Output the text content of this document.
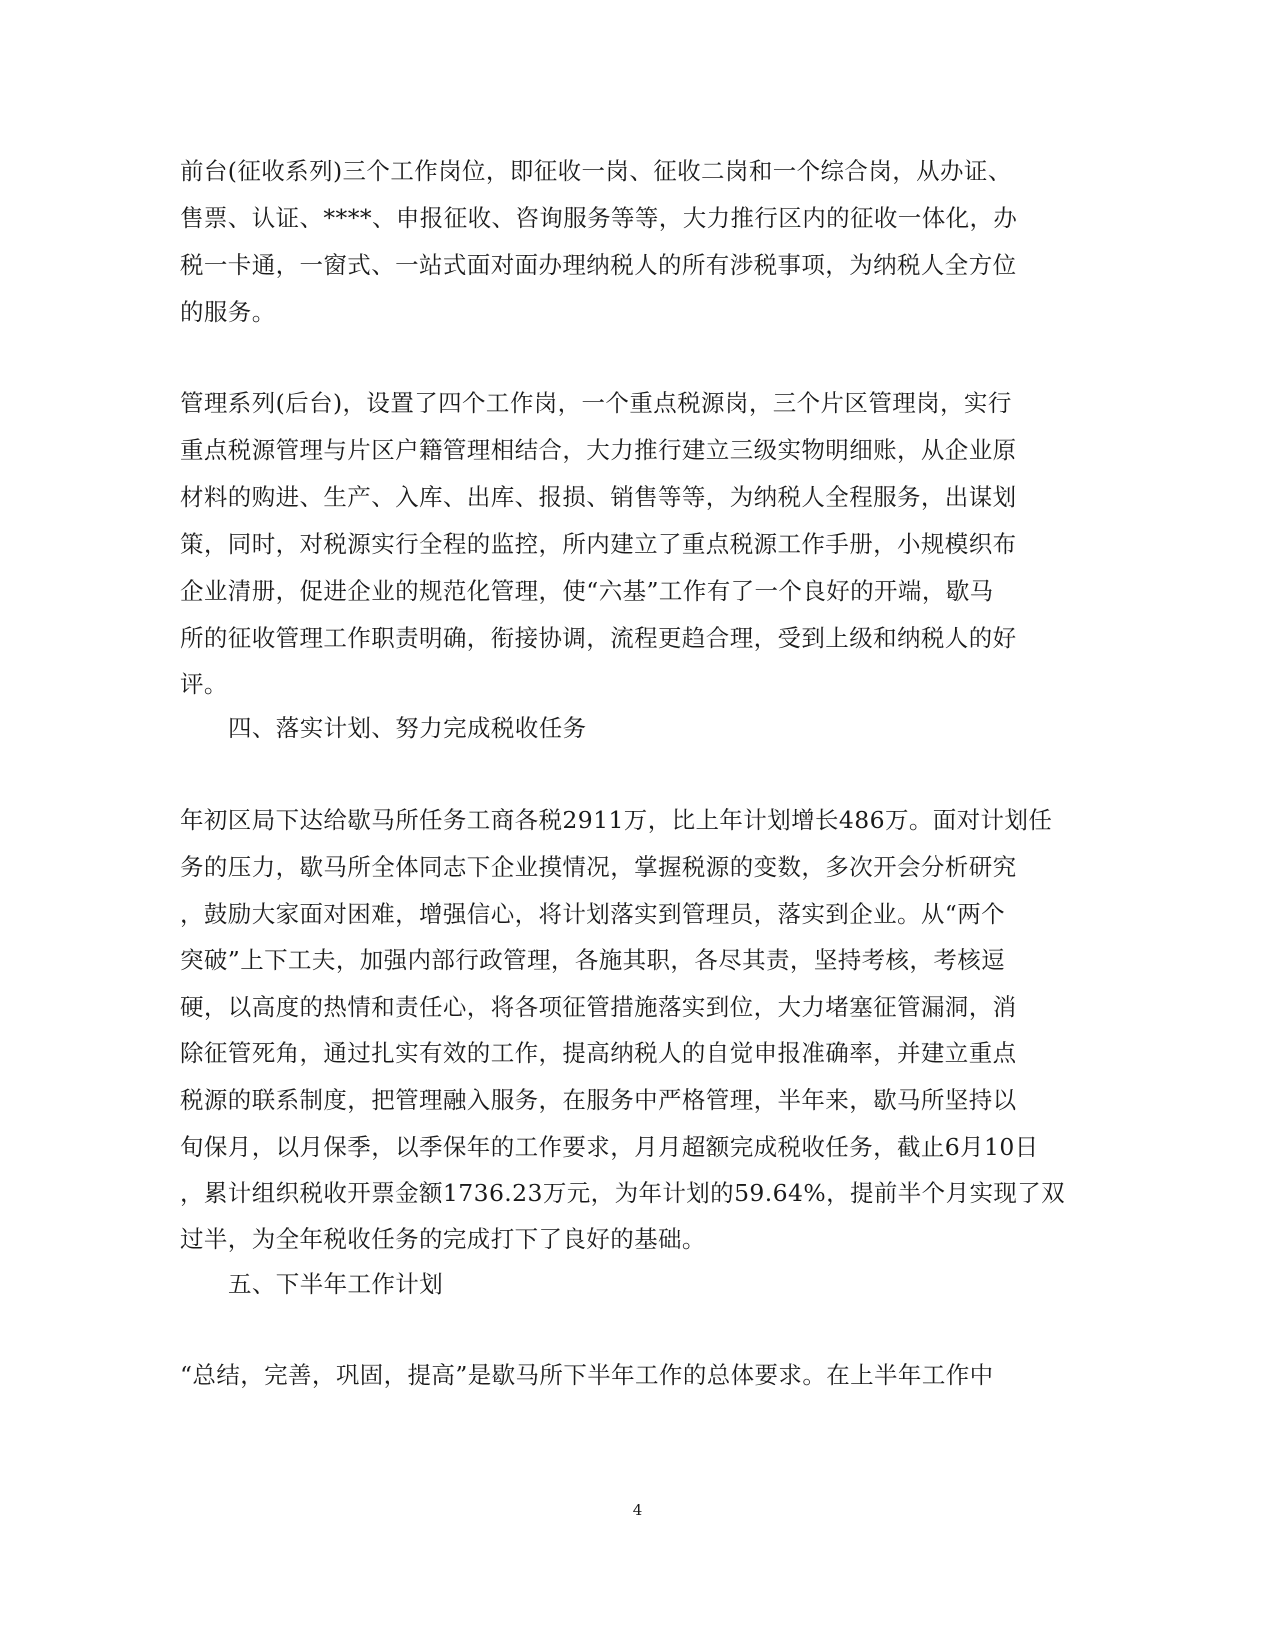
前台(征收系列)三个工作岗位，即征收一岗、征收二岗和一个综合岗，从办证、
售票、认证、****、申报征收、咨询服务等等，大力推行区内的征收一体化，办
税一卡通，一窗式、一站式面对面办理纳税人的所有涉税事项，为纳税人全方位
的服务。
管理系列(后台)，设置了四个工作岗，一个重点税源岗，三个片区管理岗，实行
重点税源管理与片区户籍管理相结合，大力推行建立三级实物明细账，从企业原
材料的购进、生产、入库、出库、报损、销售等等，为纳税人全程服务，出谋划
策，同时，对税源实行全程的监控，所内建立了重点税源工作手册，小规模织布
企业清册，促进企业的规范化管理，使“六基”工作有了一个良好的开端，歇马
所的征收管理工作职责明确，衔接协调，流程更趋合理，受到上级和纳税人的好
评。
四、落实计划、努力完成税收任务
年初区局下达给歇马所任务工商各税2911万，比上年计划增长486万。面对计划任
务的压力，歇马所全体同志下企业摸情况，掌握税源的变数，多次开会分析研究
，鼓励大家面对困难，增强信心，将计划落实到管理员，落实到企业。从“两个
突破”上下工夫，加强内部行政管理，各施其职，各尽其责，坚持考核，考核逗
硬，以高度的热情和责任心，将各项征管措施落实到位，大力堵塞征管漏洞，消
除征管死角，通过扎实有效的工作，提高纳税人的自觉申报准确率，并建立重点
税源的联系制度，把管理融入服务，在服务中严格管理，半年来，歇马所坚持以
旬保月，以月保季，以季保年的工作要求，月月超额完成税收任务，截止6月10日
，累计组织税收开票金额1736.23万元，为年计划的59.64%，提前半个月实现了双
过半，为全年税收任务的完成打下了良好的基础。
五、下半年工作计划
“总结，完善，巩固，提高”是歇马所下半年工作的总体要求。在上半年工作中
4
